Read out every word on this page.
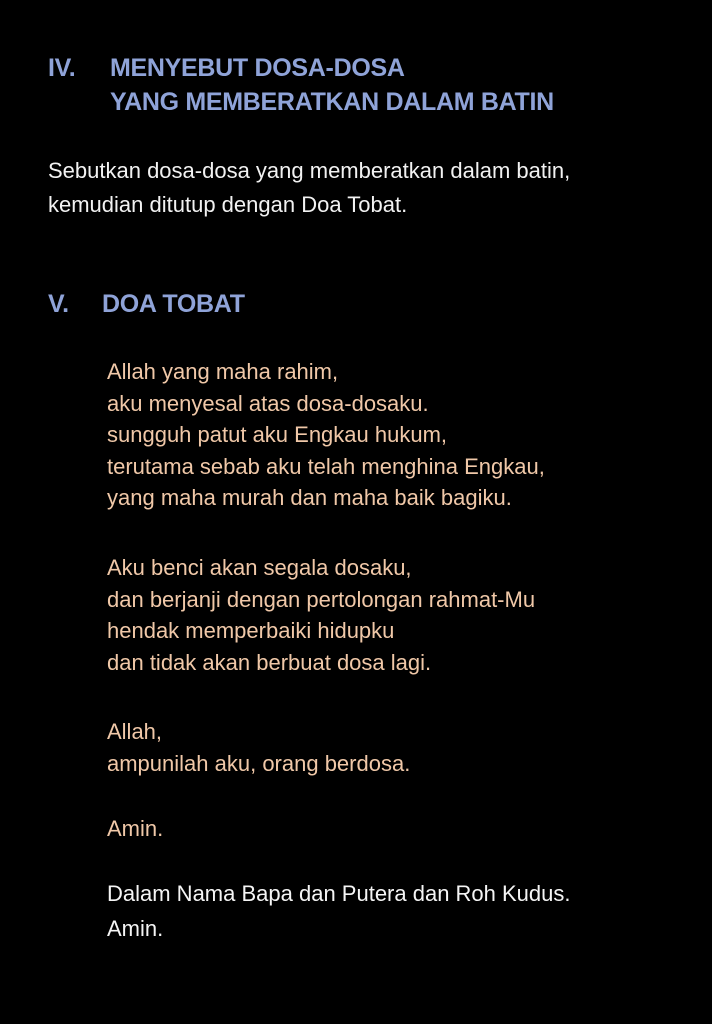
IV. MENYEBUT DOSA-DOSA
YANG MEMBERATKAN DALAM BATIN
Sebutkan dosa-dosa yang memberatkan dalam batin,
kemudian ditutup dengan Doa Tobat.
V. DOA TOBAT
Allah yang maha rahim,
aku menyesal atas dosa-dosaku.
sungguh patut aku Engkau hukum,
terutama sebab aku telah menghina Engkau,
yang maha murah dan maha baik bagiku.
Aku benci akan segala dosaku,
dan berjanji dengan pertolongan rahmat-Mu
hendak memperbaiki hidupku
dan tidak akan berbuat dosa lagi.
Allah,
ampunilah aku, orang berdosa.
Amin.
Dalam Nama Bapa dan Putera dan Roh Kudus.
Amin.
